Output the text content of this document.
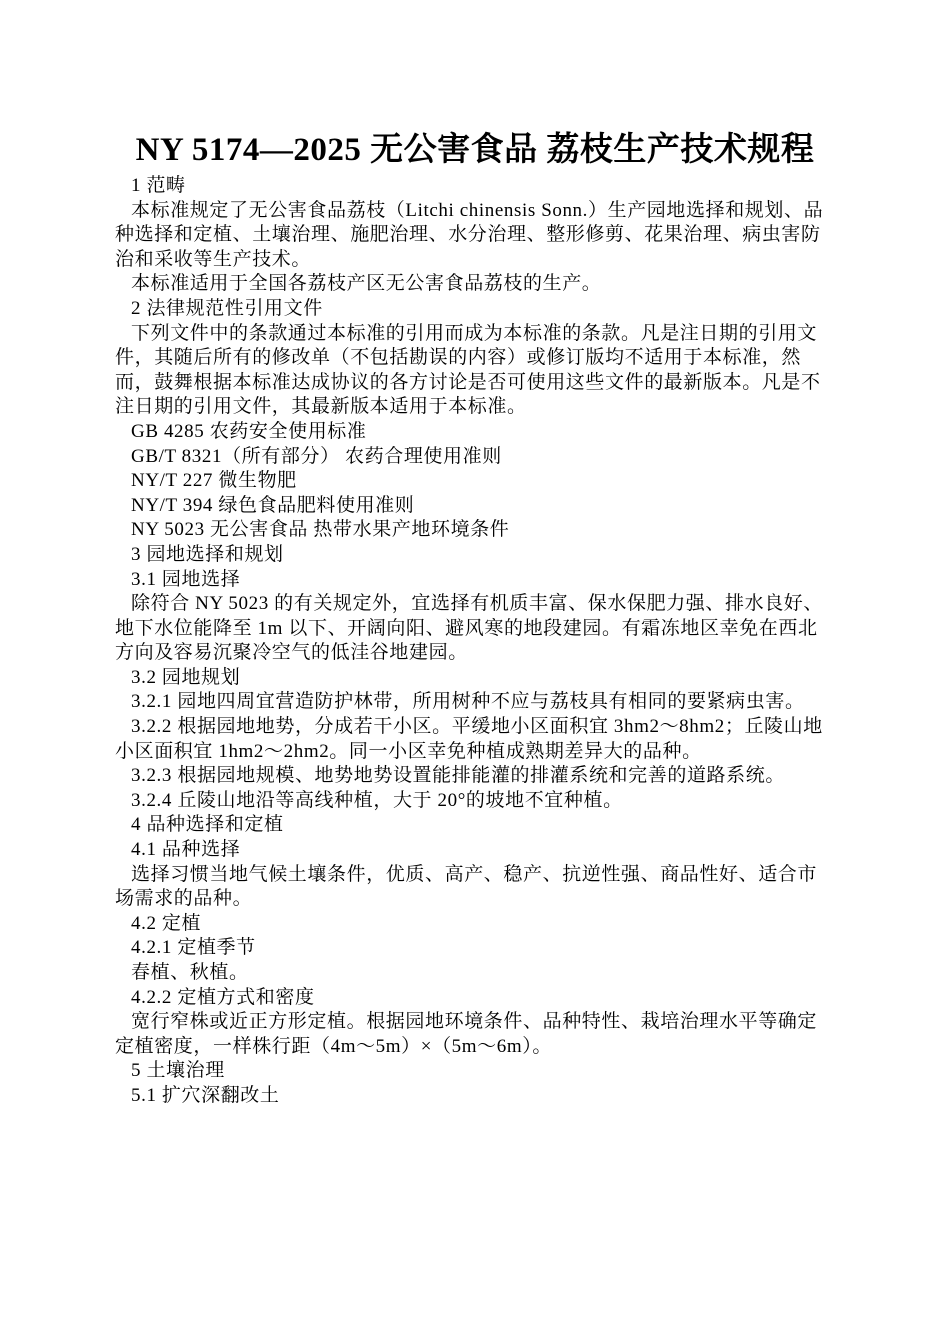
NY 5174—2025 无公害食品 荔枝生产技术规程

1 范畴

本标准规定了无公害食品荔枝（Litchi chinensis Sonn.）生产园地选择和规划、品种选择和定植、土壤治理、施肥治理、水分治理、整形修剪、花果治理、病虫害防治和采收等生产技术。

本标准适用于全国各荔枝产区无公害食品荔枝的生产。

2 法律规范性引用文件

下列文件中的条款通过本标准的引用而成为本标准的条款。凡是注日期的引用文件，其随后所有的修改单（不包括勘误的内容）或修订版均不适用于本标准，然而，鼓舞根据本标准达成协议的各方讨论是否可使用这些文件的最新版本。凡是不注日期的引用文件，其最新版本适用于本标准。

GB 4285 农药安全使用标准

GB/T 8321（所有部分） 农药合理使用准则

NY/T 227 微生物肥

NY/T 394 绿色食品肥料使用准则

NY 5023 无公害食品 热带水果产地环境条件

3 园地选择和规划

3.1 园地选择

除符合 NY 5023 的有关规定外，宜选择有机质丰富、保水保肥力强、排水良好、地下水位能降至 1m 以下、开阔向阳、避风寒的地段建园。有霜冻地区幸免在西北方向及容易沉聚冷空气的低洼谷地建园。

3.2 园地规划

3.2.1 园地四周宜营造防护林带，所用树种不应与荔枝具有相同的要紧病虫害。

3.2.2 根据园地地势，分成若干小区。平缓地小区面积宜 3hm2～8hm2；丘陵山地小区面积宜 1hm2～2hm2。同一小区幸免种植成熟期差异大的品种。

3.2.3 根据园地规模、地势地势设置能排能灌的排灌系统和完善的道路系统。

3.2.4 丘陵山地沿等高线种植，大于 20°的坡地不宜种植。

4 品种选择和定植

4.1 品种选择

选择习惯当地气候土壤条件，优质、高产、稳产、抗逆性强、商品性好、适合市场需求的品种。

4.2 定植

4.2.1 定植季节

春植、秋植。

4.2.2 定植方式和密度

宽行窄株或近正方形定植。根据园地环境条件、品种特性、栽培治理水平等确定定植密度，一样株行距（4m～5m）×（5m～6m）。

5 土壤治理

5.1 扩穴深翻改土
